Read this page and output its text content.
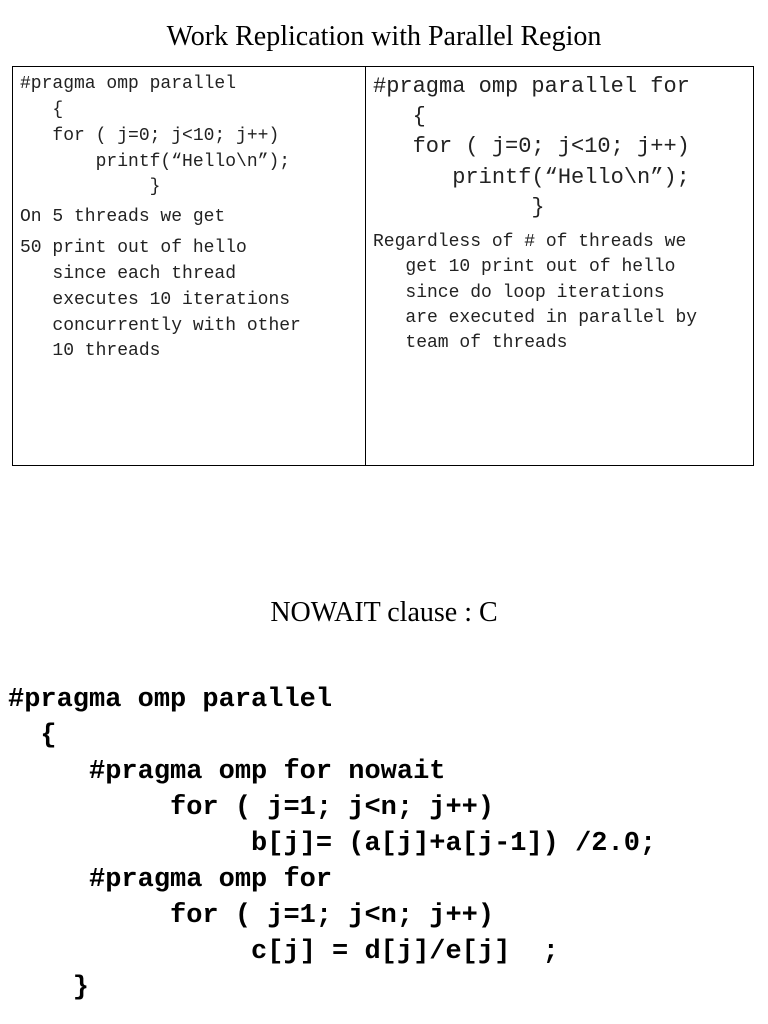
Work Replication with Parallel Region
#pragma omp parallel
{
for ( j=0; j<10; j++)
printf(“Hello\n”);
}
On 5 threads we get
50 print out of hello
since each thread
executes 10 iterations
concurrently with other
10 threads
#pragma omp parallel for
{
for ( j=0; j<10; j++)
printf(“Hello\n”);
}
Regardless of # of threads we
get 10 print out of hello
since do loop iterations
are executed in parallel by
team of threads
NOWAIT clause : C
#pragma omp parallel
{
#pragma omp for nowait
for ( j=1; j<n; j++)
b[j]= (a[j]+a[j-1]) /2.0;
#pragma omp for
for ( j=1; j<n; j++)
c[j] = d[j]/e[j]  ;
}
